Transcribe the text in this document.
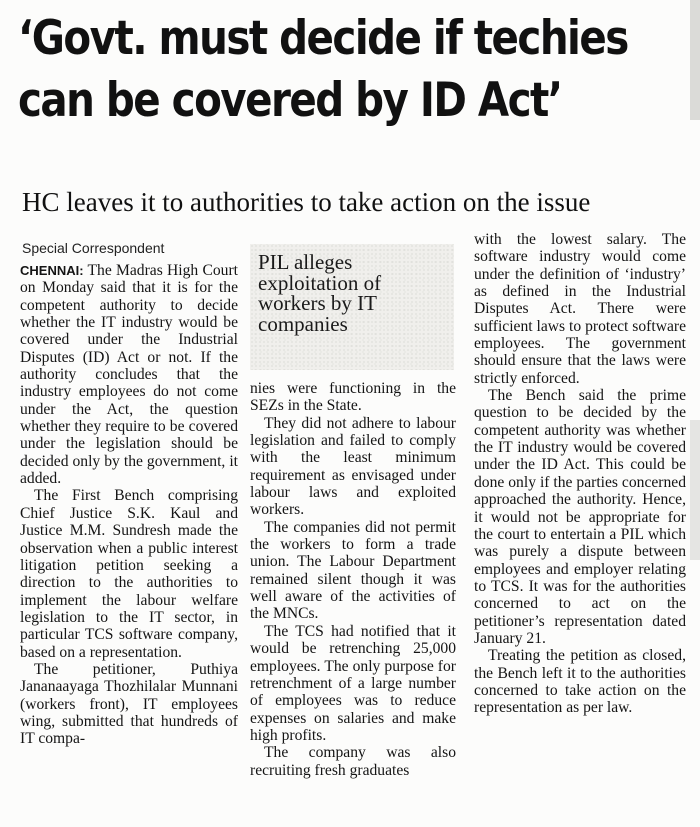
‘Govt. must decide if techies
can be covered by ID Act’
HC leaves it to authorities to take action on the issue
Special Correspondent

CHENNAI: The Madras High Court on Monday said that it is for the competent authority to decide whether the IT industry would be covered under the Industrial Disputes (ID) Act or not. If the authority concludes that the industry employees do not come under the Act, the question whether they require to be covered under the legislation should be decided only by the government, it added.

The First Bench comprising Chief Justice S.K. Kaul and Justice M.M. Sundresh made the observation when a public interest litigation petition seeking a direction to the authorities to implement the labour welfare legislation to the IT sector, in particular TCS software company, based on a representation.

The petitioner, Puthiya Jananaayaga Thozhilalar Munnani (workers front), IT employees wing, submitted that hundreds of IT compa-

PIL alleges exploitation of workers by IT companies

nies were functioning in the SEZs in the State.

They did not adhere to labour legislation and failed to comply with the least minimum requirement as envisaged under labour laws and exploited workers.

The companies did not permit the workers to form a trade union. The Labour Department remained silent though it was well aware of the activities of the MNCs.

The TCS had notified that it would be retrenching 25,000 employees. The only purpose for retrenchment of a large number of employees was to reduce expenses on salaries and make high profits.

The company was also recruiting fresh graduates

with the lowest salary. The software industry would come under the definition of ‘industry’ as defined in the Industrial Disputes Act. There were sufficient laws to protect software employees. The government should ensure that the laws were strictly enforced.

The Bench said the prime question to be decided by the competent authority was whether the IT industry would be covered under the ID Act. This could be done only if the parties concerned approached the authority. Hence, it would not be appropriate for the court to entertain a PIL which was purely a dispute between employees and employer relating to TCS. It was for the authorities concerned to act on the petitioner’s representation dated January 21.

Treating the petition as closed, the Bench left it to the authorities concerned to take action on the representation as per law.
